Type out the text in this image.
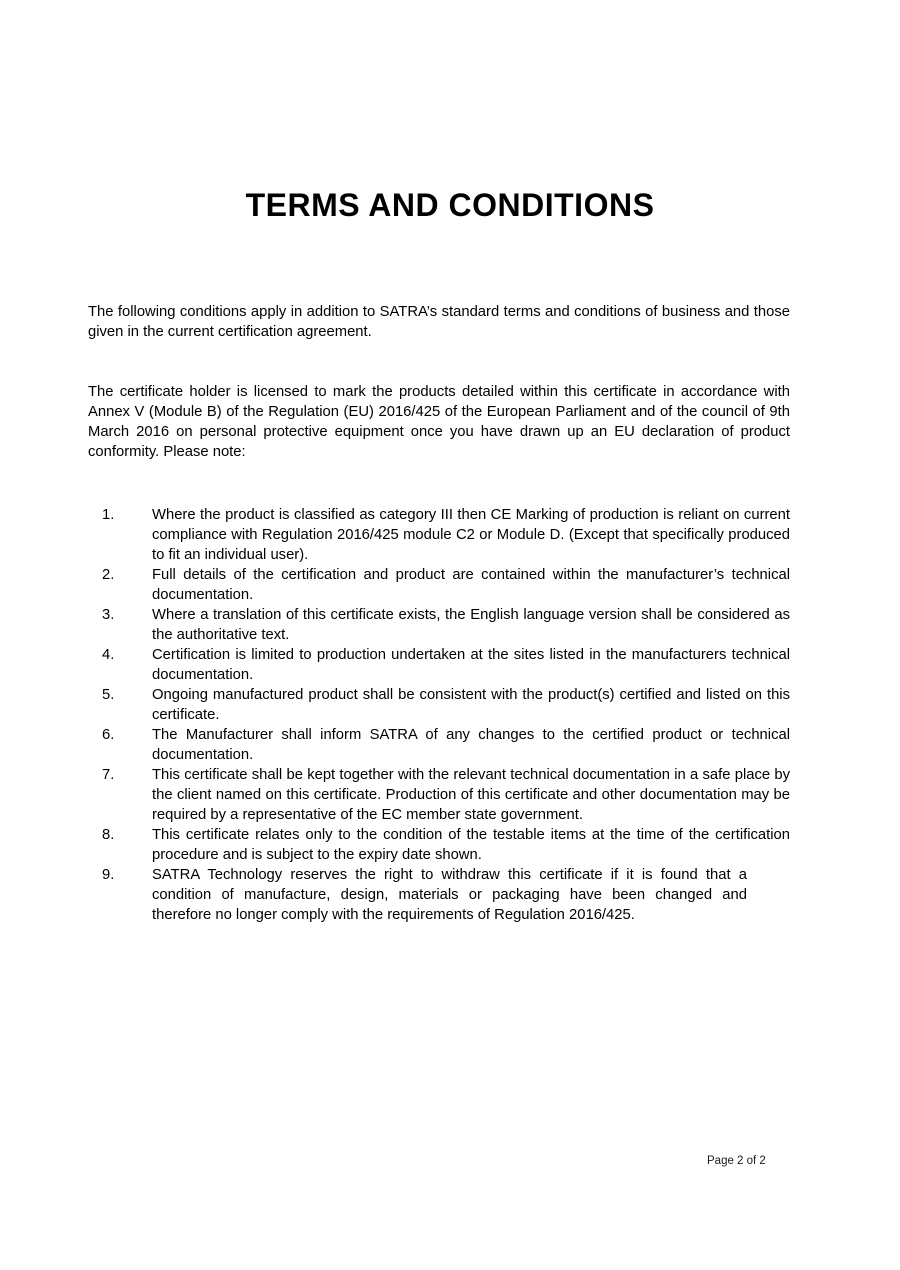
TERMS AND CONDITIONS

The following conditions apply in addition to SATRA’s standard terms and conditions of business and those given in the current certification agreement.

The certificate holder is licensed to mark the products detailed within this certificate in accordance with Annex V (Module B) of the Regulation (EU) 2016/425 of the European Parliament and of the council of 9th March 2016 on personal protective equipment once you have drawn up an EU declaration of product conformity. Please note:

1.	Where the product is classified as category III then CE Marking of production is reliant on current compliance with Regulation 2016/425 module C2 or Module D. (Except that specifically produced to fit an individual user).
2.	Full details of the certification and product are contained within the manufacturer’s technical documentation.
3.	Where a translation of this certificate exists, the English language version shall be considered as the authoritative text.
4.	Certification is limited to production undertaken at the sites listed in the manufacturers technical documentation.
5.	Ongoing manufactured product shall be consistent with the product(s) certified and listed on this certificate.
6.	The Manufacturer shall inform SATRA of any changes to the certified product or technical documentation.
7.	This certificate shall be kept together with the relevant technical documentation in a safe place by the client named on this certificate. Production of this certificate and other documentation may be required by a representative of the EC member state government.
8.	This certificate relates only to the condition of the testable items at the time of the certification procedure and is subject to the expiry date shown.
9.	SATRA Technology reserves the right to withdraw this certificate if it is found that a condition of manufacture, design, materials or packaging have been changed and therefore no longer comply with the requirements of Regulation 2016/425.
Page 2 of 2
